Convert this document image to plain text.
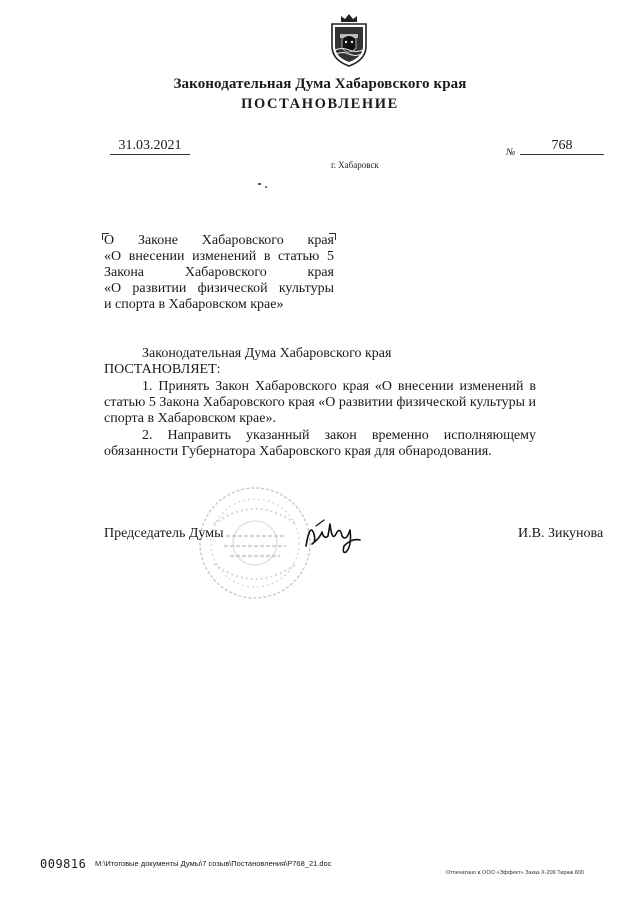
Законодательная Дума Хабаровского края
ПОСТАНОВЛЕНИЕ
31.03.2021	№	768
г. Хабаровск
О Законе Хабаровского края
«О внесении изменений в статью 5
Закона Хабаровского края
«О развитии физической культуры
и спорта в Хабаровском крае»
Законодательная Дума Хабаровского края
ПОСТАНОВЛЯЕТ:

1. Принять Закон Хабаровского края «О внесении изменений в статью 5 Закона Хабаровского края «О развитии физической культуры и спорта в Хабаровском крае».

2. Направить указанный закон временно исполняющему обязанности Губернатора Хабаровского края для обнародования.

Председатель Думы	И.В. Зикунова
009816 М:\Итоговые документы Думы\7 созыв\Постановления\Р768_21.doc
Отпечатано в ООО «Эффект» Заказ Х-209 Тираж 800
